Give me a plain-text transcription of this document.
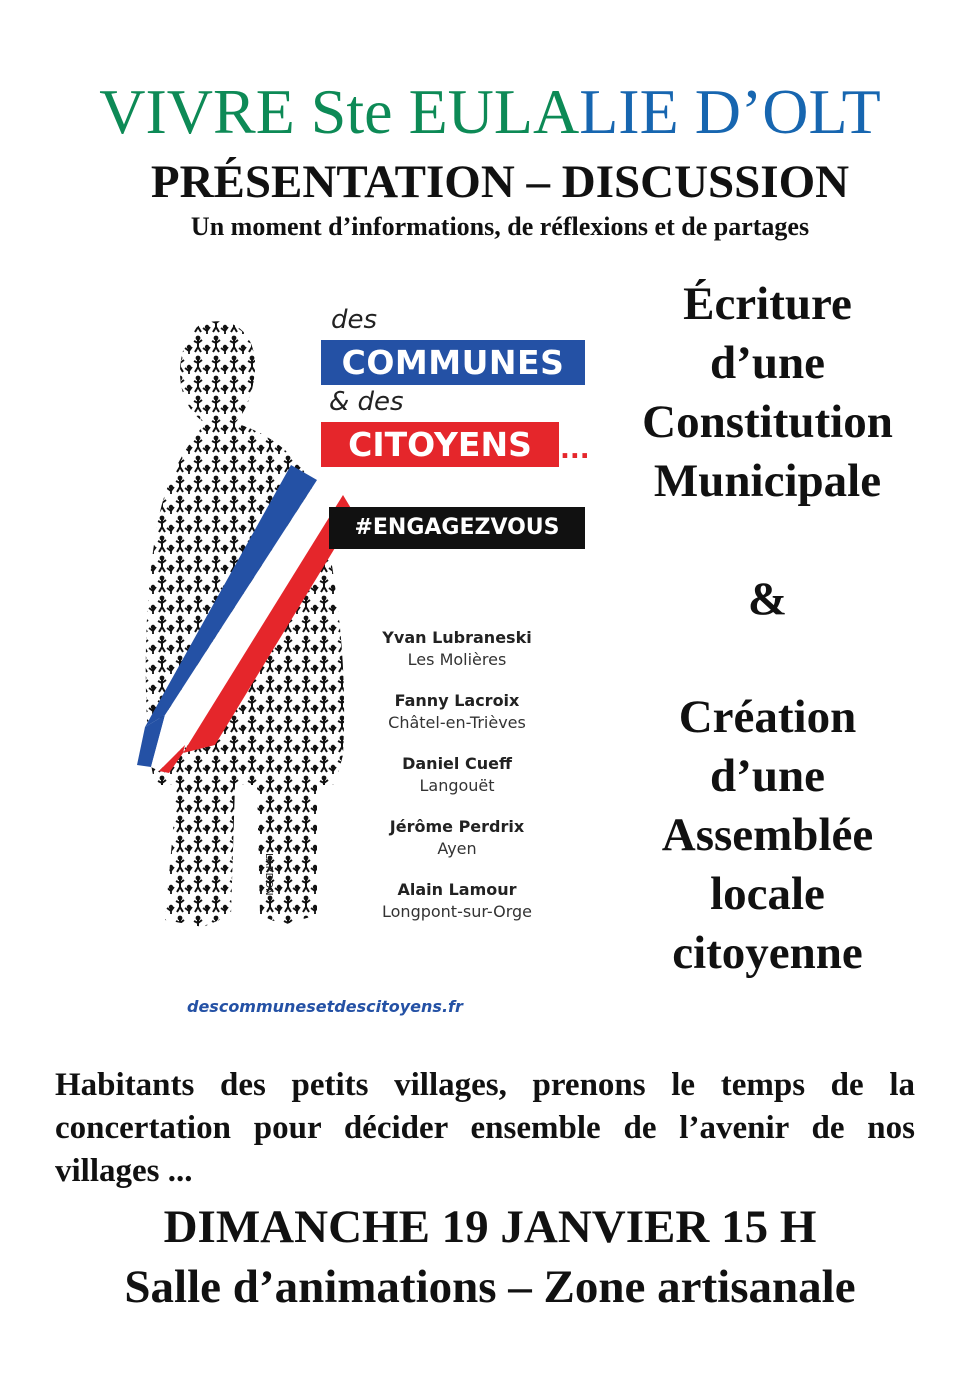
VIVRE Ste EULALIE D’OLT
PRÉSENTATION – DISCUSSION
Un moment d’informations, de réflexions et de partages
des
COMMUNES
& des
CITOYENS	...
#ENGAGEZVOUS
Yvan Lubraneski
Les Molières
Fanny Lacroix
Châtel-en-Trièves
Daniel Cueff
Langouët
Jérôme Perdrix
Ayen
Alain Lamour
Longpont-sur-Orge
LARDON
descommunesetdescitoyens.fr
Écriture
d’une
Constitution
Municipale
&
Création
d’une
Assemblée
locale
citoyenne

Habitants des petits villages, prenons le temps de la concertation pour décider ensemble de l’avenir de nos villages ...

DIMANCHE 19 JANVIER 15 H
Salle d’animations – Zone artisanale
